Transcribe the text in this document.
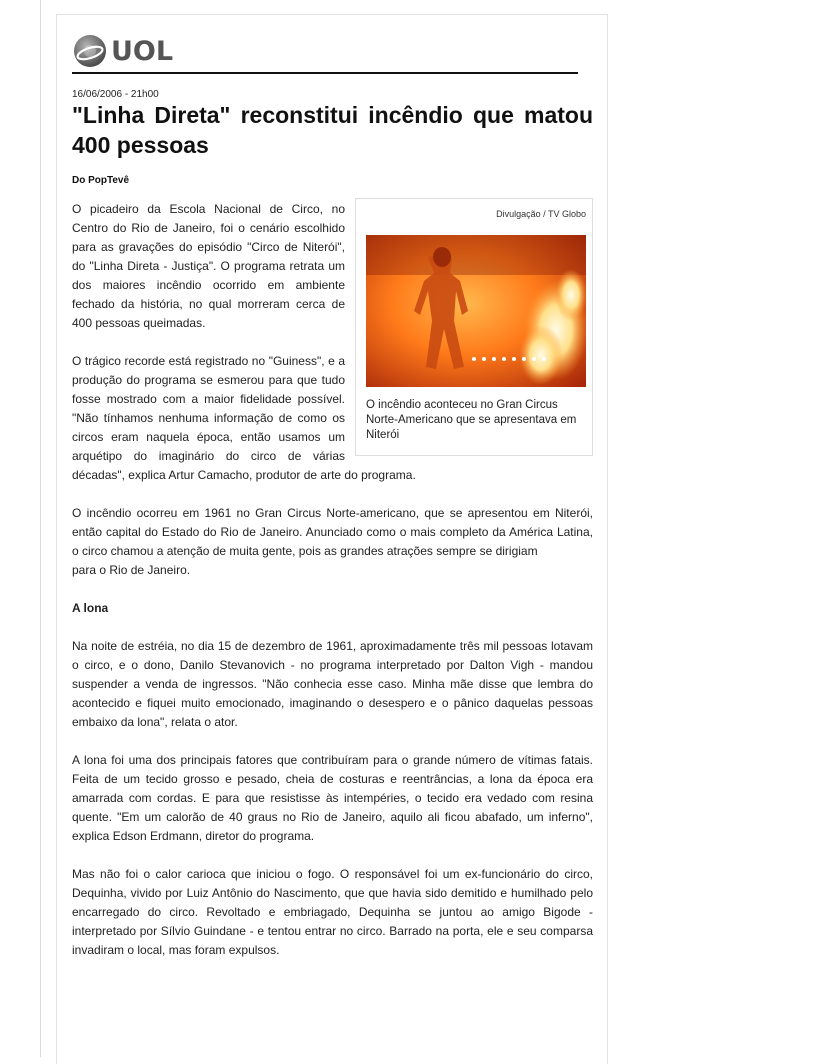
UOL
16/06/2006 - 21h00
"Linha Direta" reconstitui incêndio que matou 400 pessoas
Do PopTevê
Divulgação / TV Globo
O incêndio aconteceu no Gran Circus Norte-Americano que se apresentava em Niterói

O picadeiro da Escola Nacional de Circo, no Centro do Rio de Janeiro, foi o cenário escolhido para as gravações do episódio "Circo de Niterói", do "Linha Direta - Justiça". O programa retrata um dos maiores incêndio ocorrido em ambiente fechado da história, no qual morreram cerca de 400 pessoas queimadas.

O trágico recorde está registrado no "Guiness", e a produção do programa se esmerou para que tudo fosse mostrado com a maior fidelidade possível. "Não tínhamos nenhuma informação de como os circos eram naquela época, então usamos um arquétipo do imaginário do circo de várias décadas", explica Artur Camacho, produtor de arte do programa.

O incêndio ocorreu em 1961 no Gran Circus Norte-americano, que se apresentou em Niterói, então capital do Estado do Rio de Janeiro. Anunciado como o mais completo da América Latina, o circo chamou a atenção de muita gente, pois as grandes atrações sempre se dirigiam

para o Rio de Janeiro.

A lona

Na noite de estréia, no dia 15 de dezembro de 1961, aproximadamente três mil pessoas lotavam o circo, e o dono, Danilo Stevanovich - no programa interpretado por Dalton Vigh - mandou suspender a venda de ingressos. "Não conhecia esse caso. Minha mãe disse que lembra do acontecido e fiquei muito emocionado, imaginando o desespero e o pânico daquelas pessoas embaixo da lona", relata o ator.

A lona foi uma dos principais fatores que contribuíram para o grande número de vítimas fatais. Feita de um tecido grosso e pesado, cheia de costuras e reentrâncias, a lona da época era amarrada com cordas. E para que resistisse às intempéries, o tecido era vedado com resina quente. "Em um calorão de 40 graus no Rio de Janeiro, aquilo ali ficou abafado, um inferno", explica Edson Erdmann, diretor do programa.

Mas não foi o calor carioca que iniciou o fogo. O responsável foi um ex-funcionário do circo, Dequinha, vivido por Luiz Antônio do Nascimento, que que havia sido demitido e humilhado pelo encarregado do circo. Revoltado e embriagado, Dequinha se juntou ao amigo Bigode - interpretado por Sílvio Guindane - e tentou entrar no circo. Barrado na porta, ele e seu comparsa invadiram o local, mas foram expulsos.
